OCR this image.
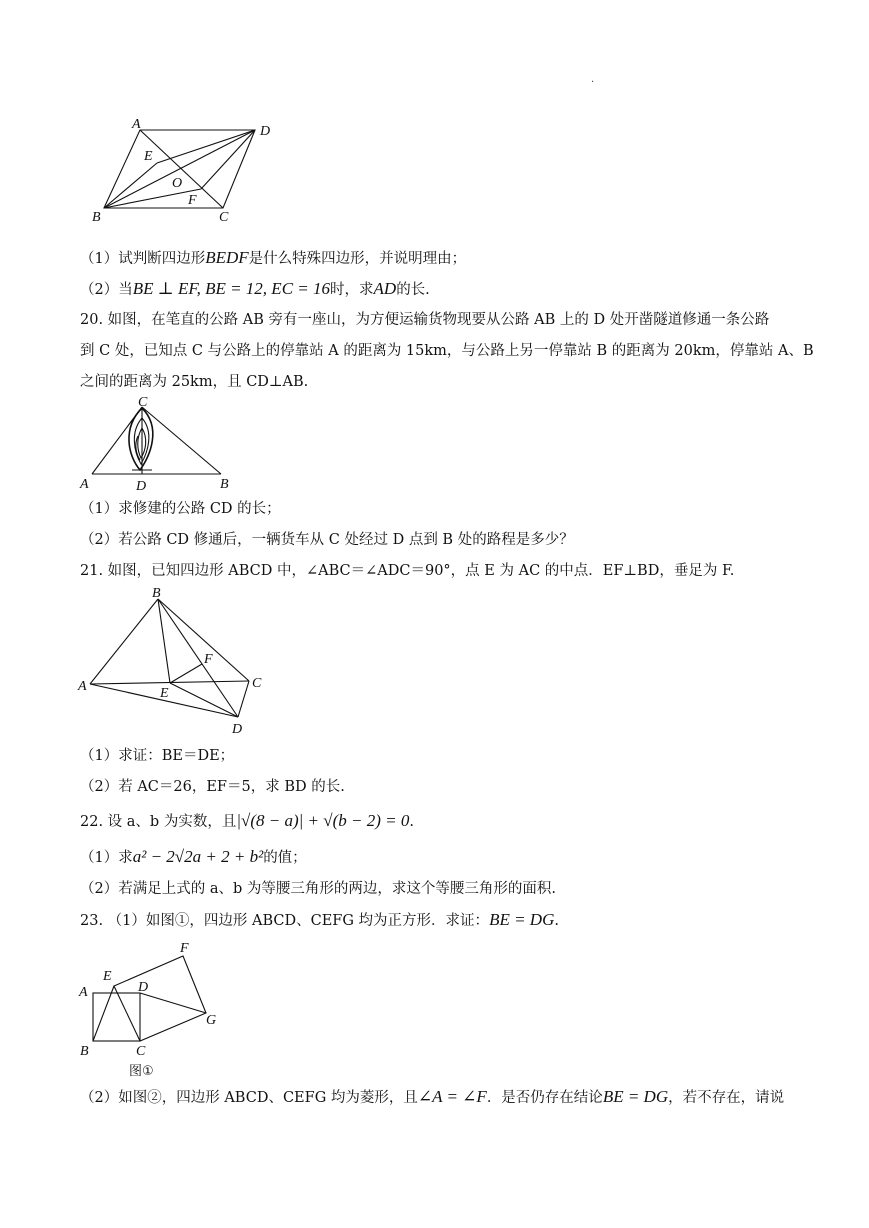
.
A	D
E
O
F
B	C
（1）试判断四边形BEDF是什么特殊四边形，并说明理由；
（2）当BE ⊥ EF, BE = 12, EC = 16时，求AD的长.
20. 如图，在笔直的公路 AB 旁有一座山，为方便运输货物现要从公路 AB 上的 D 处开凿隧道修通一条公路
到 C 处，已知点 C 与公路上的停靠站 A 的距离为 15km，与公路上另一停靠站 B 的距离为 20km，停靠站 A、B
之间的距离为 25km，且 CD⊥AB.
C
A	D	B
（1）求修建的公路 CD 的长；
（2）若公路 CD 修通后，一辆货车从 C 处经过 D 点到 B 处的路程是多少？
21. 如图，已知四边形 ABCD 中，∠ABC＝∠ADC＝90°，点 E 为 AC 的中点．EF⊥BD，垂足为 F.
B
F
A	E
C
D
（1）求证：BE＝DE；
（2）若 AC＝26，EF＝5，求 BD 的长.
22. 设 a、b 为实数，且|√(8 − a)| + √(b − 2) = 0.
（1）求a² − 2√2a + 2 + b²的值；
（2）若满足上式的 a、b 为等腰三角形的两边，求这个等腰三角形的面积.
23. （1）如图①，四边形 ABCD、CEFG 均为正方形．求证：BE = DG.
F
E
D
A
G
B	C
图①
（2）如图②，四边形 ABCD、CEFG 均为菱形，且∠A = ∠F．是否仍存在结论BE = DG，若不存在，请说
